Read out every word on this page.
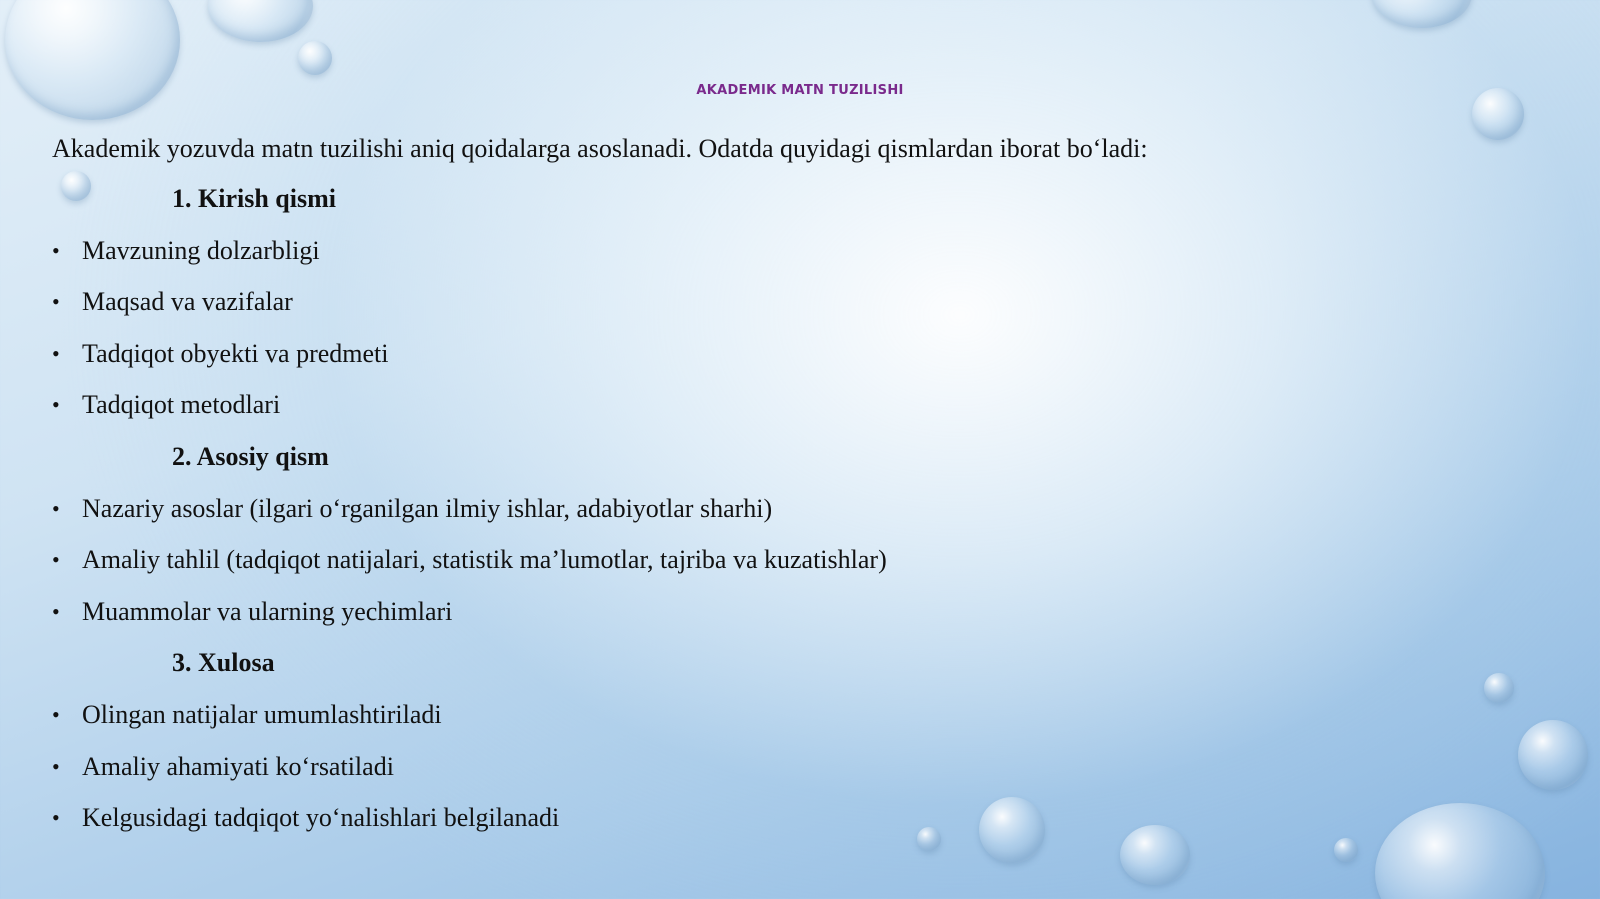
AKADEMIK MATN TUZILISHI

Akademik yozuvda matn tuzilishi aniq qoidalarga asoslanadi. Odatda quyidagi qismlardan iborat bo‘ladi:

1. Kirish qismi
• Mavzuning dolzarbligi
• Maqsad va vazifalar
• Tadqiqot obyekti va predmeti
• Tadqiqot metodlari
2. Asosiy qism
• Nazariy asoslar (ilgari o‘rganilgan ilmiy ishlar, adabiyotlar sharhi)
• Amaliy tahlil (tadqiqot natijalari, statistik ma’lumotlar, tajriba va kuzatishlar)
• Muammolar va ularning yechimlari
3. Xulosa
• Olingan natijalar umumlashtiriladi
• Amaliy ahamiyati ko‘rsatiladi
• Kelgusidagi tadqiqot yo‘nalishlari belgilanadi
